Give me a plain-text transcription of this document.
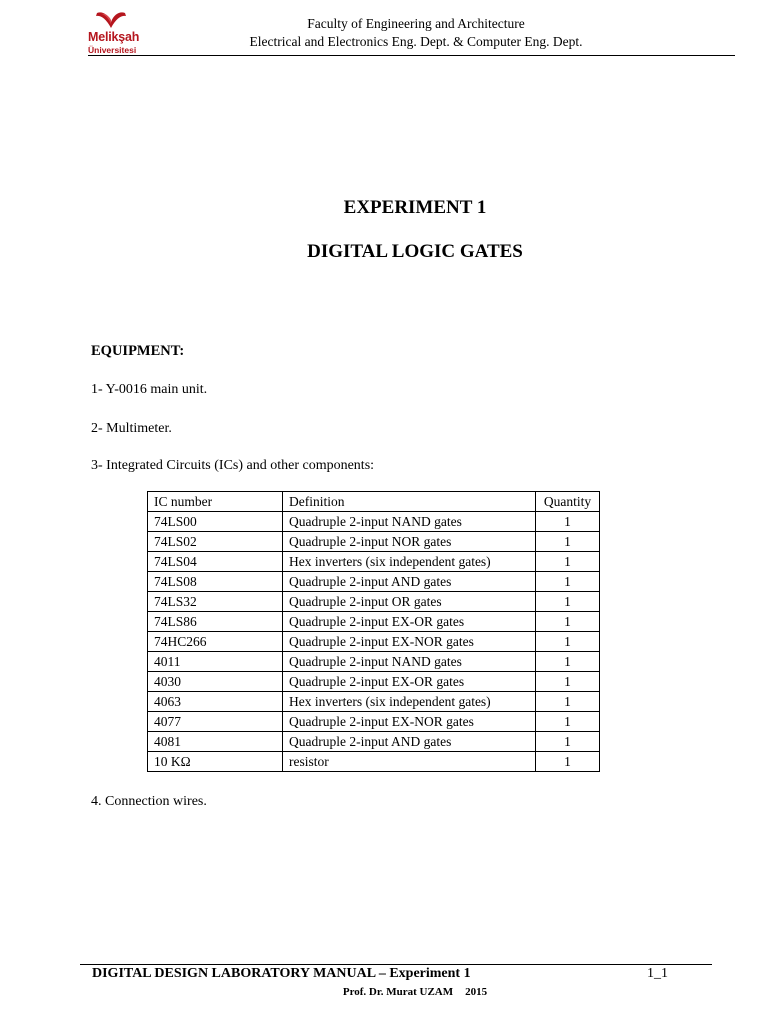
Melikşah
Üniversitesi
Faculty of Engineering and Architecture
Electrical and Electronics Eng. Dept. & Computer Eng. Dept.
EXPERIMENT 1
DIGITAL LOGIC GATES
EQUIPMENT:
1- Y-0016 main unit.
2- Multimeter.
3- Integrated Circuits (ICs) and other components:
IC number	Definition	Quantity
74LS00	Quadruple 2-input NAND gates	1
74LS02	Quadruple 2-input NOR gates	1
74LS04	Hex inverters (six independent gates)	1
74LS08	Quadruple 2-input AND gates	1
74LS32	Quadruple 2-input OR gates	1
74LS86	Quadruple 2-input EX-OR gates	1
74HC266	Quadruple 2-input EX-NOR gates	1
4011	Quadruple 2-input NAND gates	1
4030	Quadruple 2-input EX-OR gates	1
4063	Hex inverters (six independent gates)	1
4077	Quadruple 2-input EX-NOR gates	1
4081	Quadruple 2-input AND gates	1
10 KΩ	resistor	1
4. Connection wires.
DIGITAL DESIGN LABORATORY MANUAL – Experiment 1	1_1
Prof. Dr. Murat UZAM 2015
